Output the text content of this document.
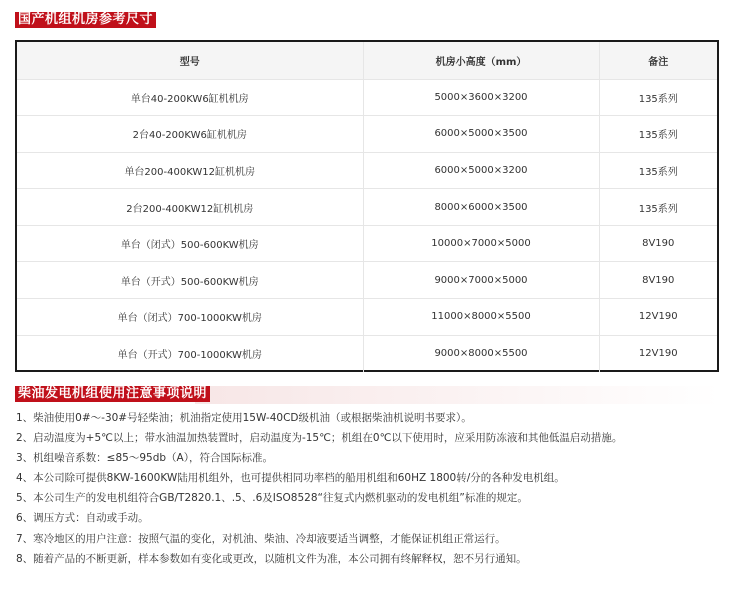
国产机组机房参考尺寸
型号	机房小高度（mm）	备注
单台40-200KW6缸机机房	5000×3600×3200	135系列
2台40-200KW6缸机机房	6000×5000×3500	135系列
单台200-400KW12缸机机房	6000×5000×3200	135系列
2台200-400KW12缸机机房	8000×6000×3500	135系列
单台（闭式）500-600KW机房	10000×7000×5000	8V190
单台（开式）500-600KW机房	9000×7000×5000	8V190
单台（闭式）700-1000KW机房	11000×8000×5500	12V190
单台（开式）700-1000KW机房	9000×8000×5500	12V190
柴油发电机组使用注意事项说明
1、柴油使用0#～-30#号轻柴油；机油指定使用15W-40CD级机油（或根据柴油机说明书要求）。
2、启动温度为+5℃以上；带水油温加热装置时，启动温度为-15℃；机组在0℃以下使用时，应采用防冻液和其他低温启动措施。
3、机组噪音系数：≤85～95db（A），符合国际标准。
4、本公司除可提供8KW-1600KW陆用机组外，也可提供相同功率档的船用机组和60HZ 1800转/分的各种发电机组。
5、本公司生产的发电机组符合GB/T2820.1、.5、.6及ISO8528“往复式内燃机驱动的发电机组”标准的规定。
6、调压方式：自动或手动。
7、寒冷地区的用户注意：按照气温的变化，对机油、柴油、冷却液要适当调整，才能保证机组正常运行。
8、随着产品的不断更新，样本参数如有变化或更改，以随机文件为准，本公司拥有终解释权，恕不另行通知。
